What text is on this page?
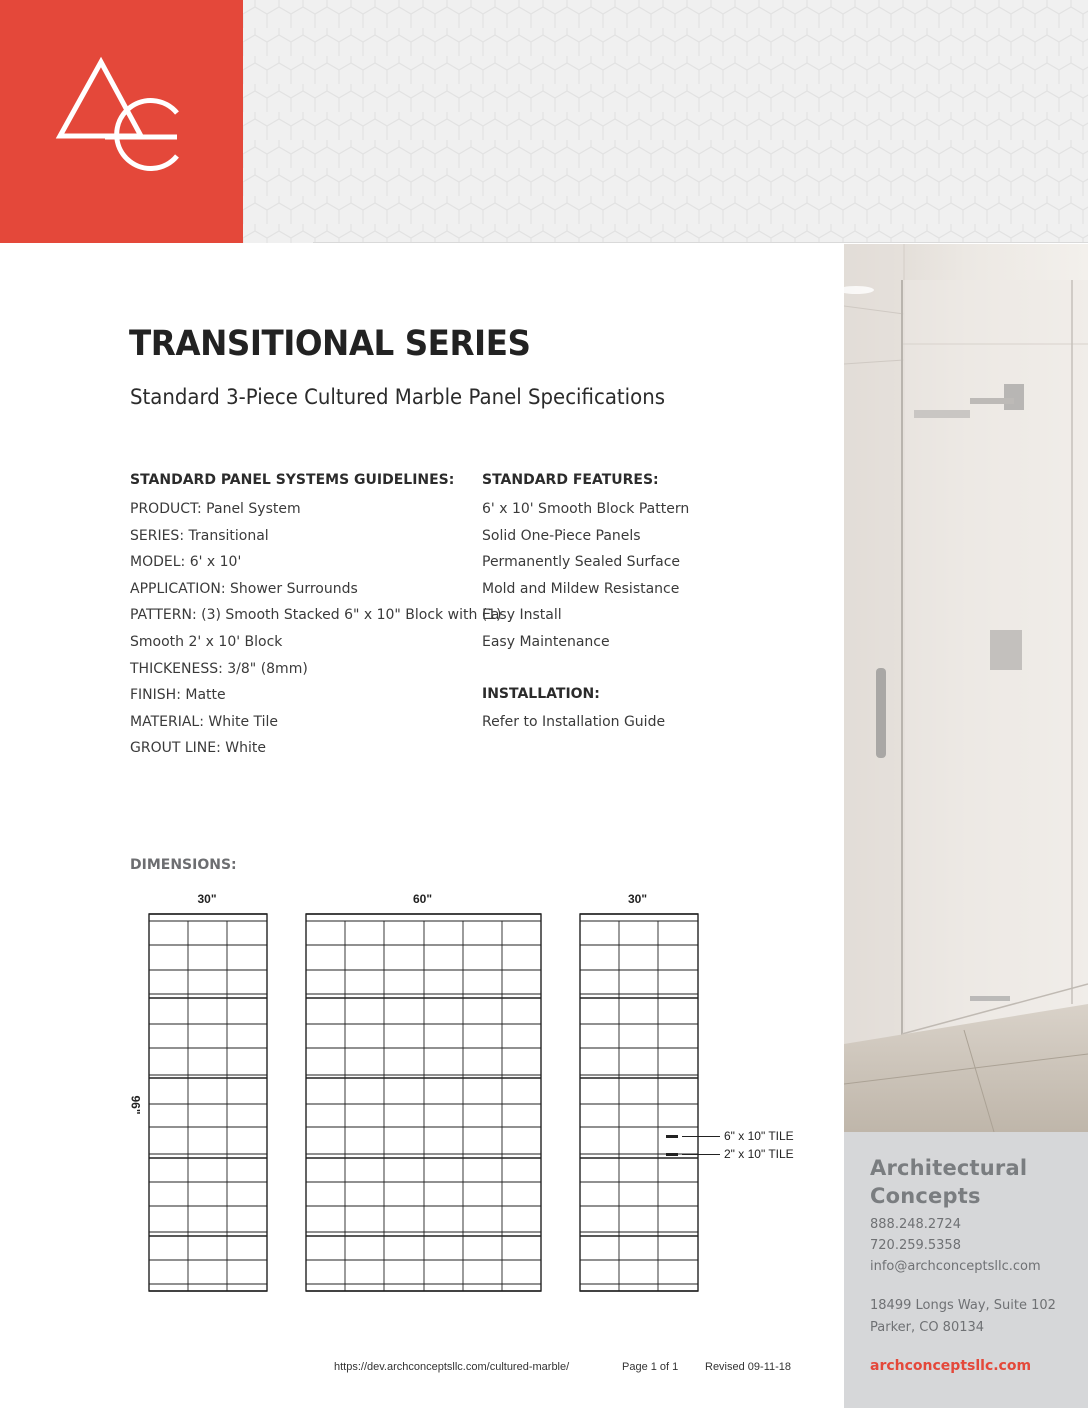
TRANSITIONAL SERIES
Standard 3-Piece Cultured Marble Panel Specifications
STANDARD PANEL SYSTEMS GUIDELINES:
PRODUCT: Panel System
SERIES: Transitional
MODEL: 6' x 10'
APPLICATION: Shower Surrounds
PATTERN: (3) Smooth Stacked 6" x 10" Block with (1)
Smooth 2' x 10' Block
THICKENESS: 3/8" (8mm)
FINISH: Matte
MATERIAL: White Tile
GROUT LINE: White
STANDARD FEATURES:
6' x 10' Smooth Block Pattern
Solid One-Piece Panels
Permanently Sealed Surface
Mold and Mildew Resistance
Easy Install
Easy Maintenance
INSTALLATION:
Refer to Installation Guide
DIMENSIONS:
30"	60"	30"
96"
6" x 10" TILE
2" x 10" TILE
Architectural
Concepts
888.248.2724
720.259.5358
info@archconceptsllc.com
18499 Longs Way, Suite 102
Parker, CO 80134
archconceptsllc.com
https://dev.archconceptsllc.com/cultured-marble/	Page 1 of 1 Revised 09-11-18
